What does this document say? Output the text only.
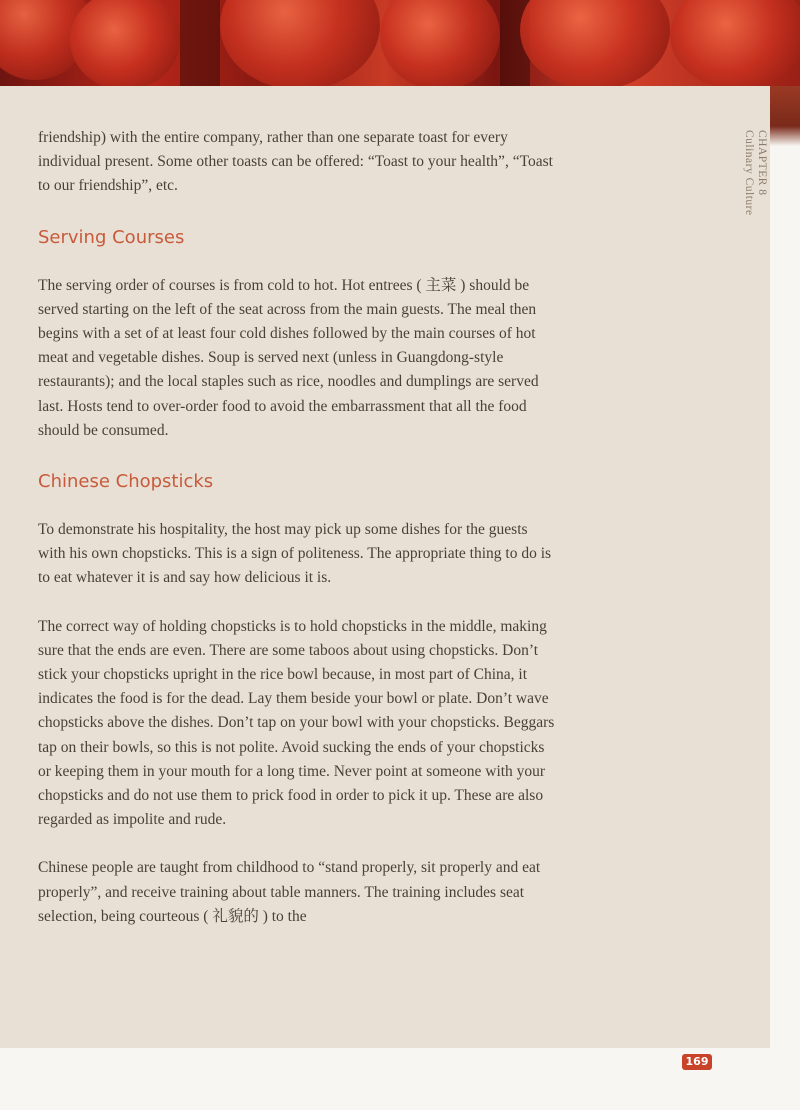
CHAPTER 8
Culinary Culture

friendship) with the entire company, rather than one separate toast for every individual present. Some other toasts can be offered: “Toast to your health”, “Toast to our friendship”, etc.

Serving Courses

The serving order of courses is from cold to hot. Hot entrees ( 主菜 ) should be served starting on the left of the seat across from the main guests. The meal then begins with a set of at least four cold dishes followed by the main courses of hot meat and vegetable dishes. Soup is served next (unless in Guangdong-style restaurants); and the local staples such as rice, noodles and dumplings are served last. Hosts tend to over-order food to avoid the embarrassment that all the food should be consumed.

Chinese Chopsticks

To demonstrate his hospitality, the host may pick up some dishes for the guests with his own chopsticks. This is a sign of politeness. The appropriate thing to do is to eat whatever it is and say how delicious it is.

The correct way of holding chopsticks is to hold chopsticks in the middle, making sure that the ends are even. There are some taboos about using chopsticks. Don’t stick your chopsticks upright in the rice bowl because, in most part of China, it indicates the food is for the dead. Lay them beside your bowl or plate. Don’t wave chopsticks above the dishes. Don’t tap on your bowl with your chopsticks. Beggars tap on their bowls, so this is not polite. Avoid sucking the ends of your chopsticks or keeping them in your mouth for a long time. Never point at someone with your chopsticks and do not use them to prick food in order to pick it up. These are also regarded as impolite and rude.

Chinese people are taught from childhood to “stand properly, sit properly and eat properly”, and receive training about table manners. The training includes seat selection, being courteous ( 礼貌的 ) to the

169
